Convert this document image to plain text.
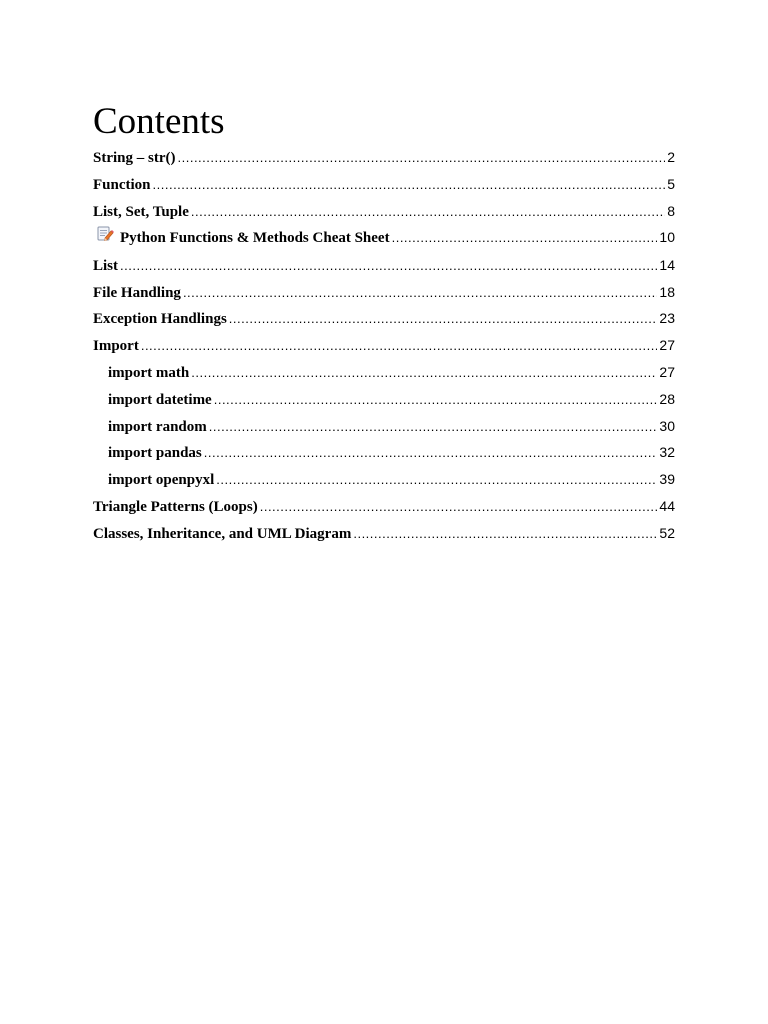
Contents
String – str() .....	2
Function .....	5
List, Set, Tuple .....	8
Python Functions & Methods Cheat Sheet .....	10
List .....	14
File Handling .....	18
Exception Handlings .....	23
Import .....	27
import math .....	27
import datetime .....	28
import random .....	30
import pandas .....	32
import openpyxl .....	39
Triangle Patterns (Loops) .....	44
Classes, Inheritance, and UML Diagram .....	52
